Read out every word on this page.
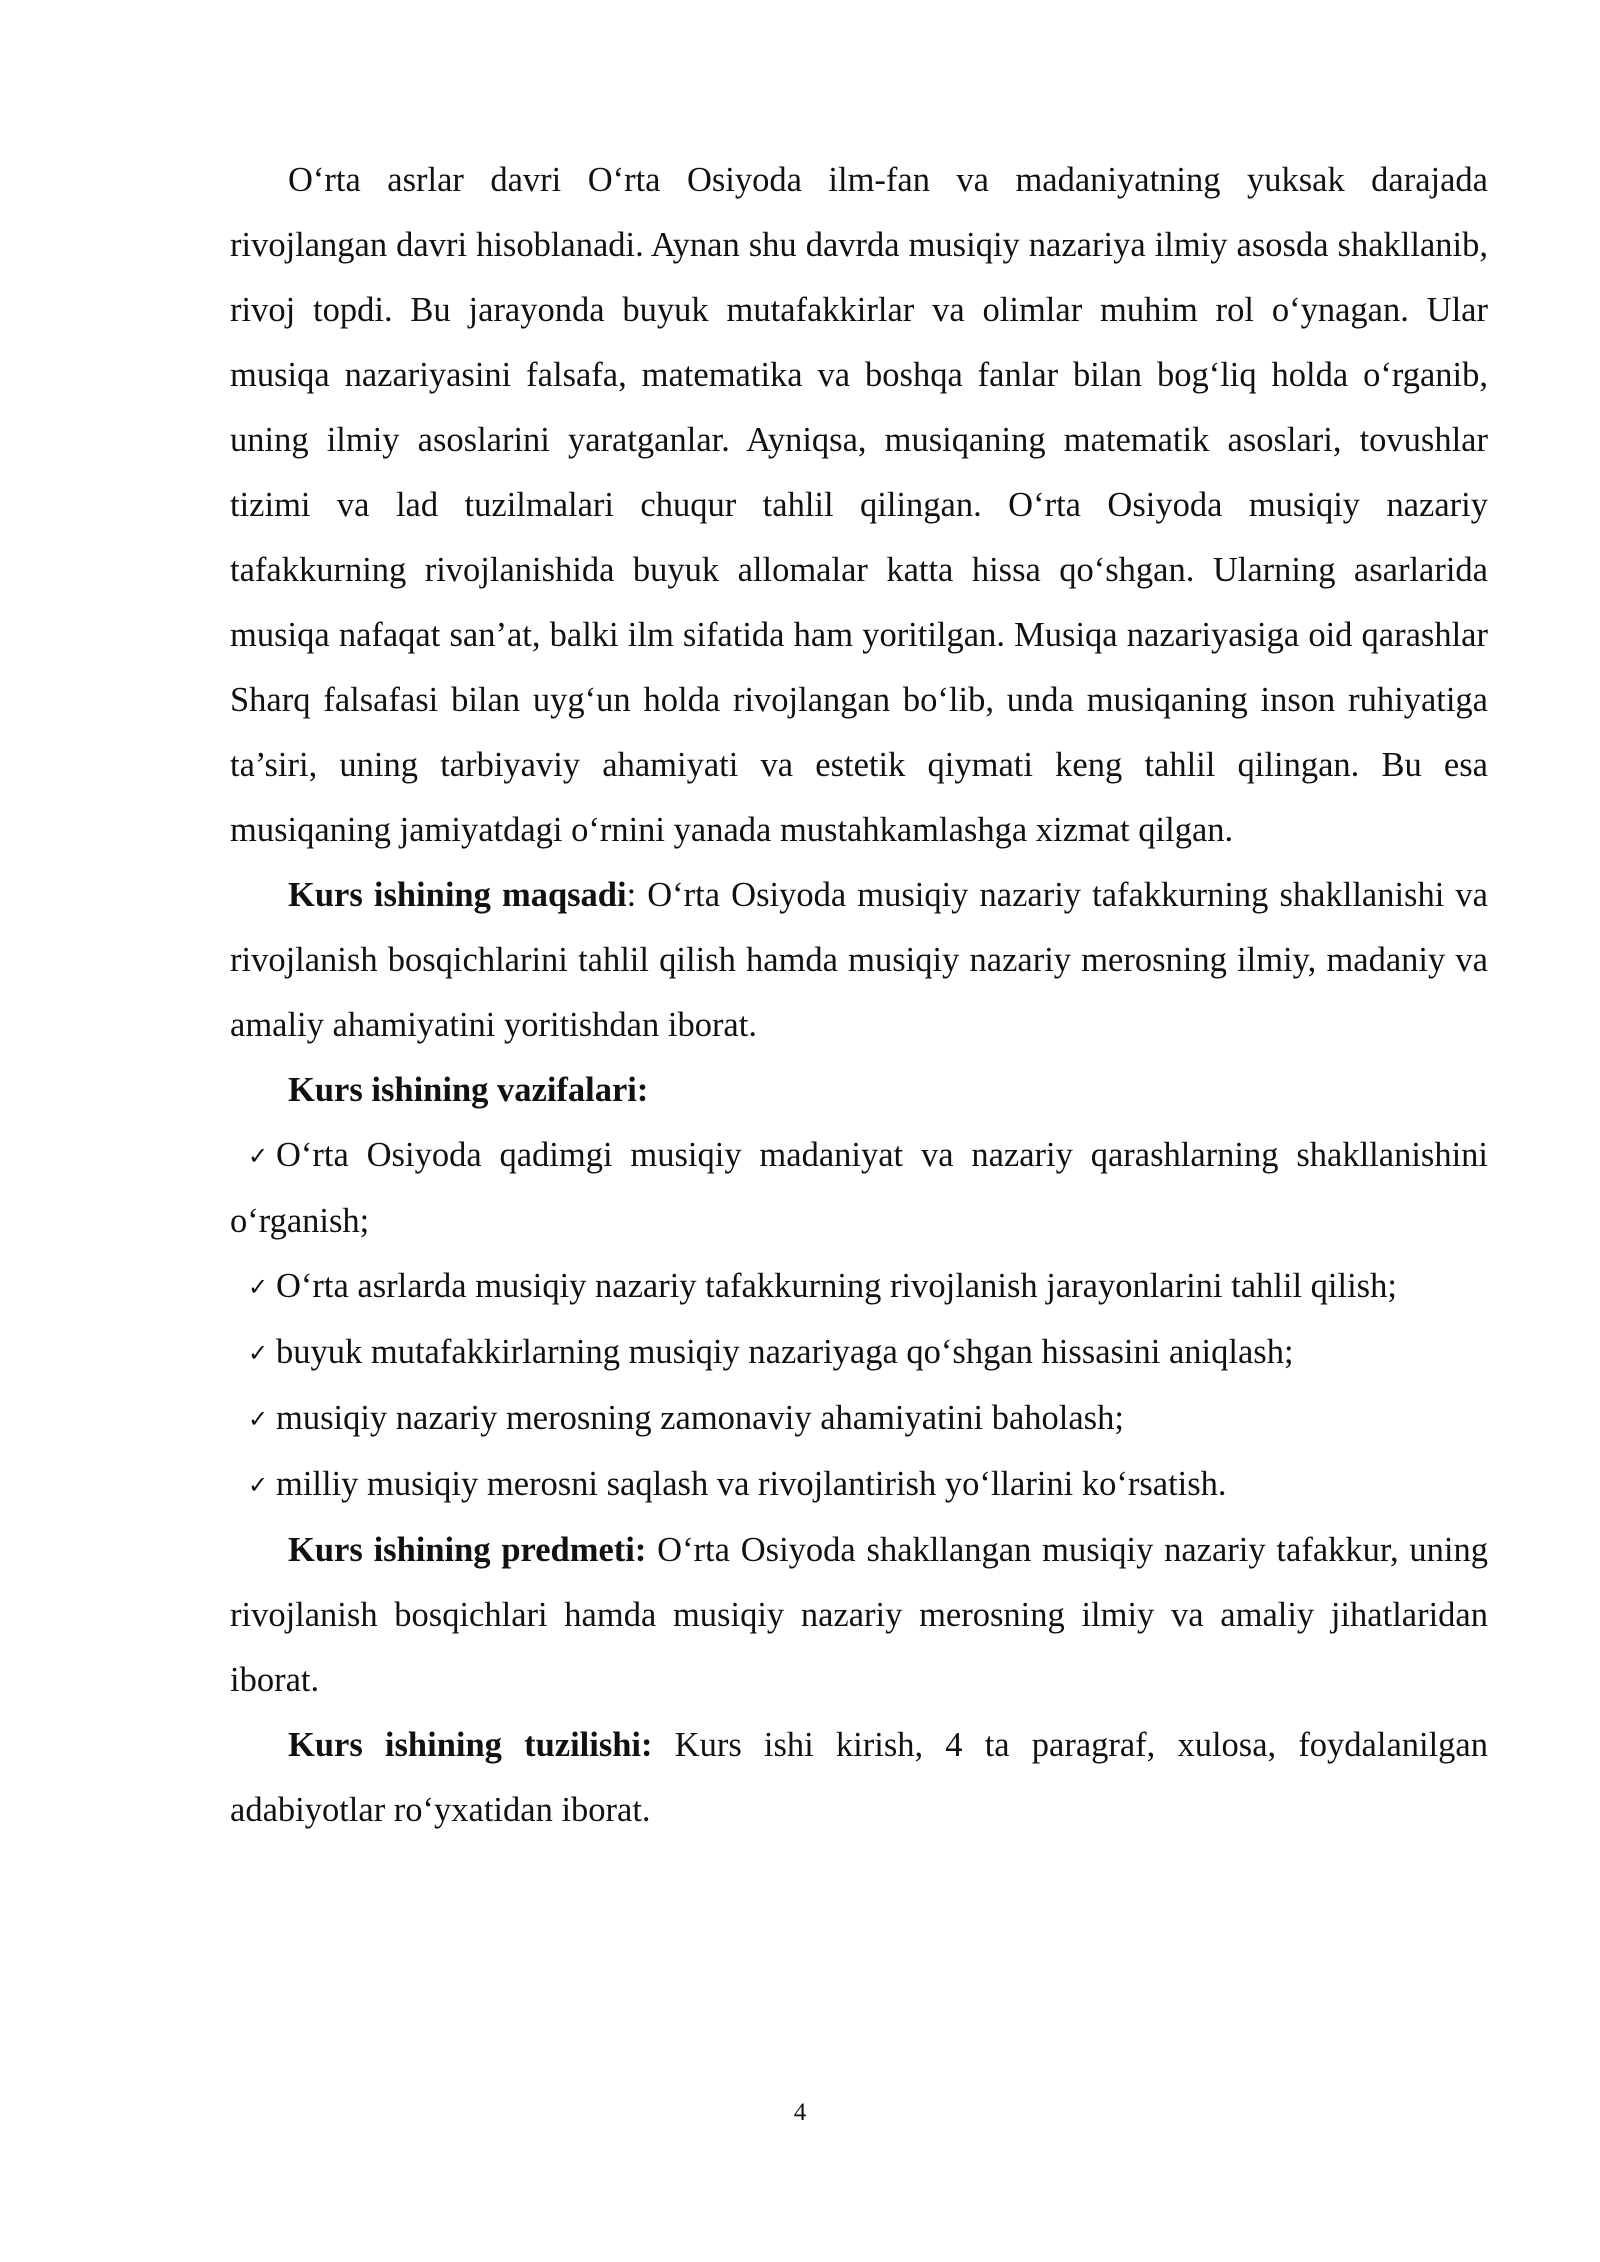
O‘rta asrlar davri O‘rta Osiyoda ilm-fan va madaniyatning yuksak darajada rivojlangan davri hisoblanadi. Aynan shu davrda musiqiy nazariya ilmiy asosda shakllanib, rivoj topdi. Bu jarayonda buyuk mutafakkirlar va olimlar muhim rol o‘ynagan. Ular musiqa nazariyasini falsafa, matematika va boshqa fanlar bilan bog‘liq holda o‘rganib, uning ilmiy asoslarini yaratganlar. Ayniqsa, musiqaning matematik asoslari, tovushlar tizimi va lad tuzilmalari chuqur tahlil qilingan. O‘rta Osiyoda musiqiy nazariy tafakkurning rivojlanishida buyuk allomalar katta hissa qo‘shgan. Ularning asarlarida musiqa nafaqat san’at, balki ilm sifatida ham yoritilgan. Musiqa nazariyasiga oid qarashlar Sharq falsafasi bilan uyg‘un holda rivojlangan bo‘lib, unda musiqaning inson ruhiyatiga ta’siri, uning tarbiyaviy ahamiyati va estetik qiymati keng tahlil qilingan. Bu esa musiqaning jamiyatdagi o‘rnini yanada mustahkamlashga xizmat qilgan.

Kurs ishining maqsadi: O‘rta Osiyoda musiqiy nazariy tafakkurning shakllanishi va rivojlanish bosqichlarini tahlil qilish hamda musiqiy nazariy merosning ilmiy, madaniy va amaliy ahamiyatini yoritishdan iborat.

Kurs ishining vazifalari:

✓ O‘rta Osiyoda qadimgi musiqiy madaniyat va nazariy qarashlarning shakllanishini o‘rganish;
✓ O‘rta asrlarda musiqiy nazariy tafakkurning rivojlanish jarayonlarini tahlil qilish;
✓ buyuk mutafakkirlarning musiqiy nazariyaga qo‘shgan hissasini aniqlash;
✓ musiqiy nazariy merosning zamonaviy ahamiyatini baholash;
✓ milliy musiqiy merosni saqlash va rivojlantirish yo‘llarini ko‘rsatish.

Kurs ishining predmeti: O‘rta Osiyoda shakllangan musiqiy nazariy tafakkur, uning rivojlanish bosqichlari hamda musiqiy nazariy merosning ilmiy va amaliy jihatlaridan iborat.

Kurs ishining tuzilishi: Kurs ishi kirish, 4 ta paragraf, xulosa, foydalanilgan adabiyotlar ro‘yxatidan iborat.

4
